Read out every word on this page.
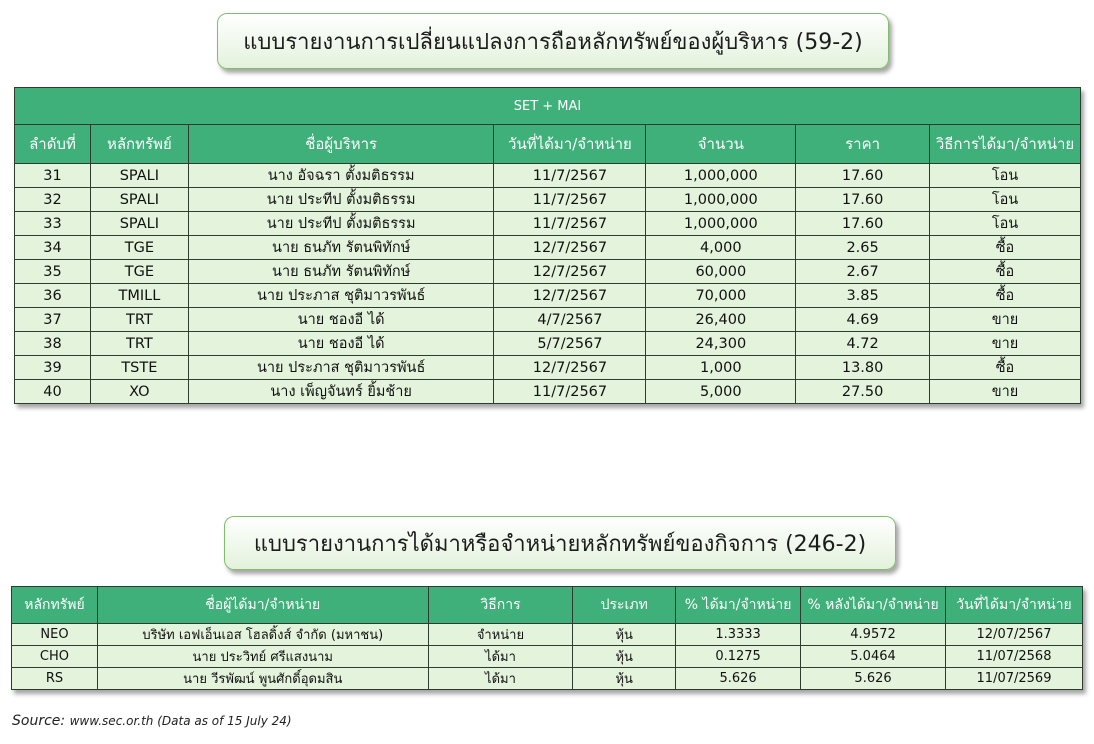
แบบรายงานการเปลี่ยนแปลงการถือหลักทรัพย์ของผู้บริหาร (59-2)
SET + MAI						
ลำดับที่	หลักทรัพย์	ชื่อผู้บริหาร	วันที่ได้มา/จำหน่าย	จำนวน	ราคา	วิธีการได้มา/จำหน่าย
31	SPALI	นาง อัจฉรา ตั้งมติธรรม	11/7/2567	1,000,000	17.60	โอน
32	SPALI	นาย ประทีป ตั้งมติธรรม	11/7/2567	1,000,000	17.60	โอน
33	SPALI	นาย ประทีป ตั้งมติธรรม	11/7/2567	1,000,000	17.60	โอน
34	TGE	นาย ธนภัท รัตนพิทักษ์	12/7/2567	4,000	2.65	ซื้อ
35	TGE	นาย ธนภัท รัตนพิทักษ์	12/7/2567	60,000	2.67	ซื้อ
36	TMILL	นาย ประภาส ชุติมาวรพันธ์	12/7/2567	70,000	3.85	ซื้อ
37	TRT	นาย ชองอี ได้	4/7/2567	26,400	4.69	ขาย
38	TRT	นาย ชองอี ได้	5/7/2567	24,300	4.72	ขาย
39	TSTE	นาย ประภาส ชุติมาวรพันธ์	12/7/2567	1,000	13.80	ซื้อ
40	XO	นาง เพ็ญจันทร์ ยิ้มช้าย	11/7/2567	5,000	27.50	ขาย
แบบรายงานการได้มาหรือจำหน่ายหลักทรัพย์ของกิจการ (246-2)
หลักทรัพย์	ชื่อผู้ได้มา/จำหน่าย	วิธีการ	ประเภท	% ได้มา/จำหน่าย	% หลังได้มา/จำหน่าย	วันที่ได้มา/จำหน่าย
NEO	บริษัท เอฟเอ็นเอส โฮลดิ้งส์ จำกัด (มหาชน)	จำหน่าย	หุ้น	1.3333	4.9572	12/07/2567
CHO	นาย ประวิทย์ ศรีแสงนาม	ได้มา	หุ้น	0.1275	5.0464	11/07/2568
RS	นาย วีรพัฒน์ พูนศักดิ์อุดมสิน	ได้มา	หุ้น	5.626	5.626	11/07/2569
Source: www.sec.or.th (Data as of 15 July 24)
